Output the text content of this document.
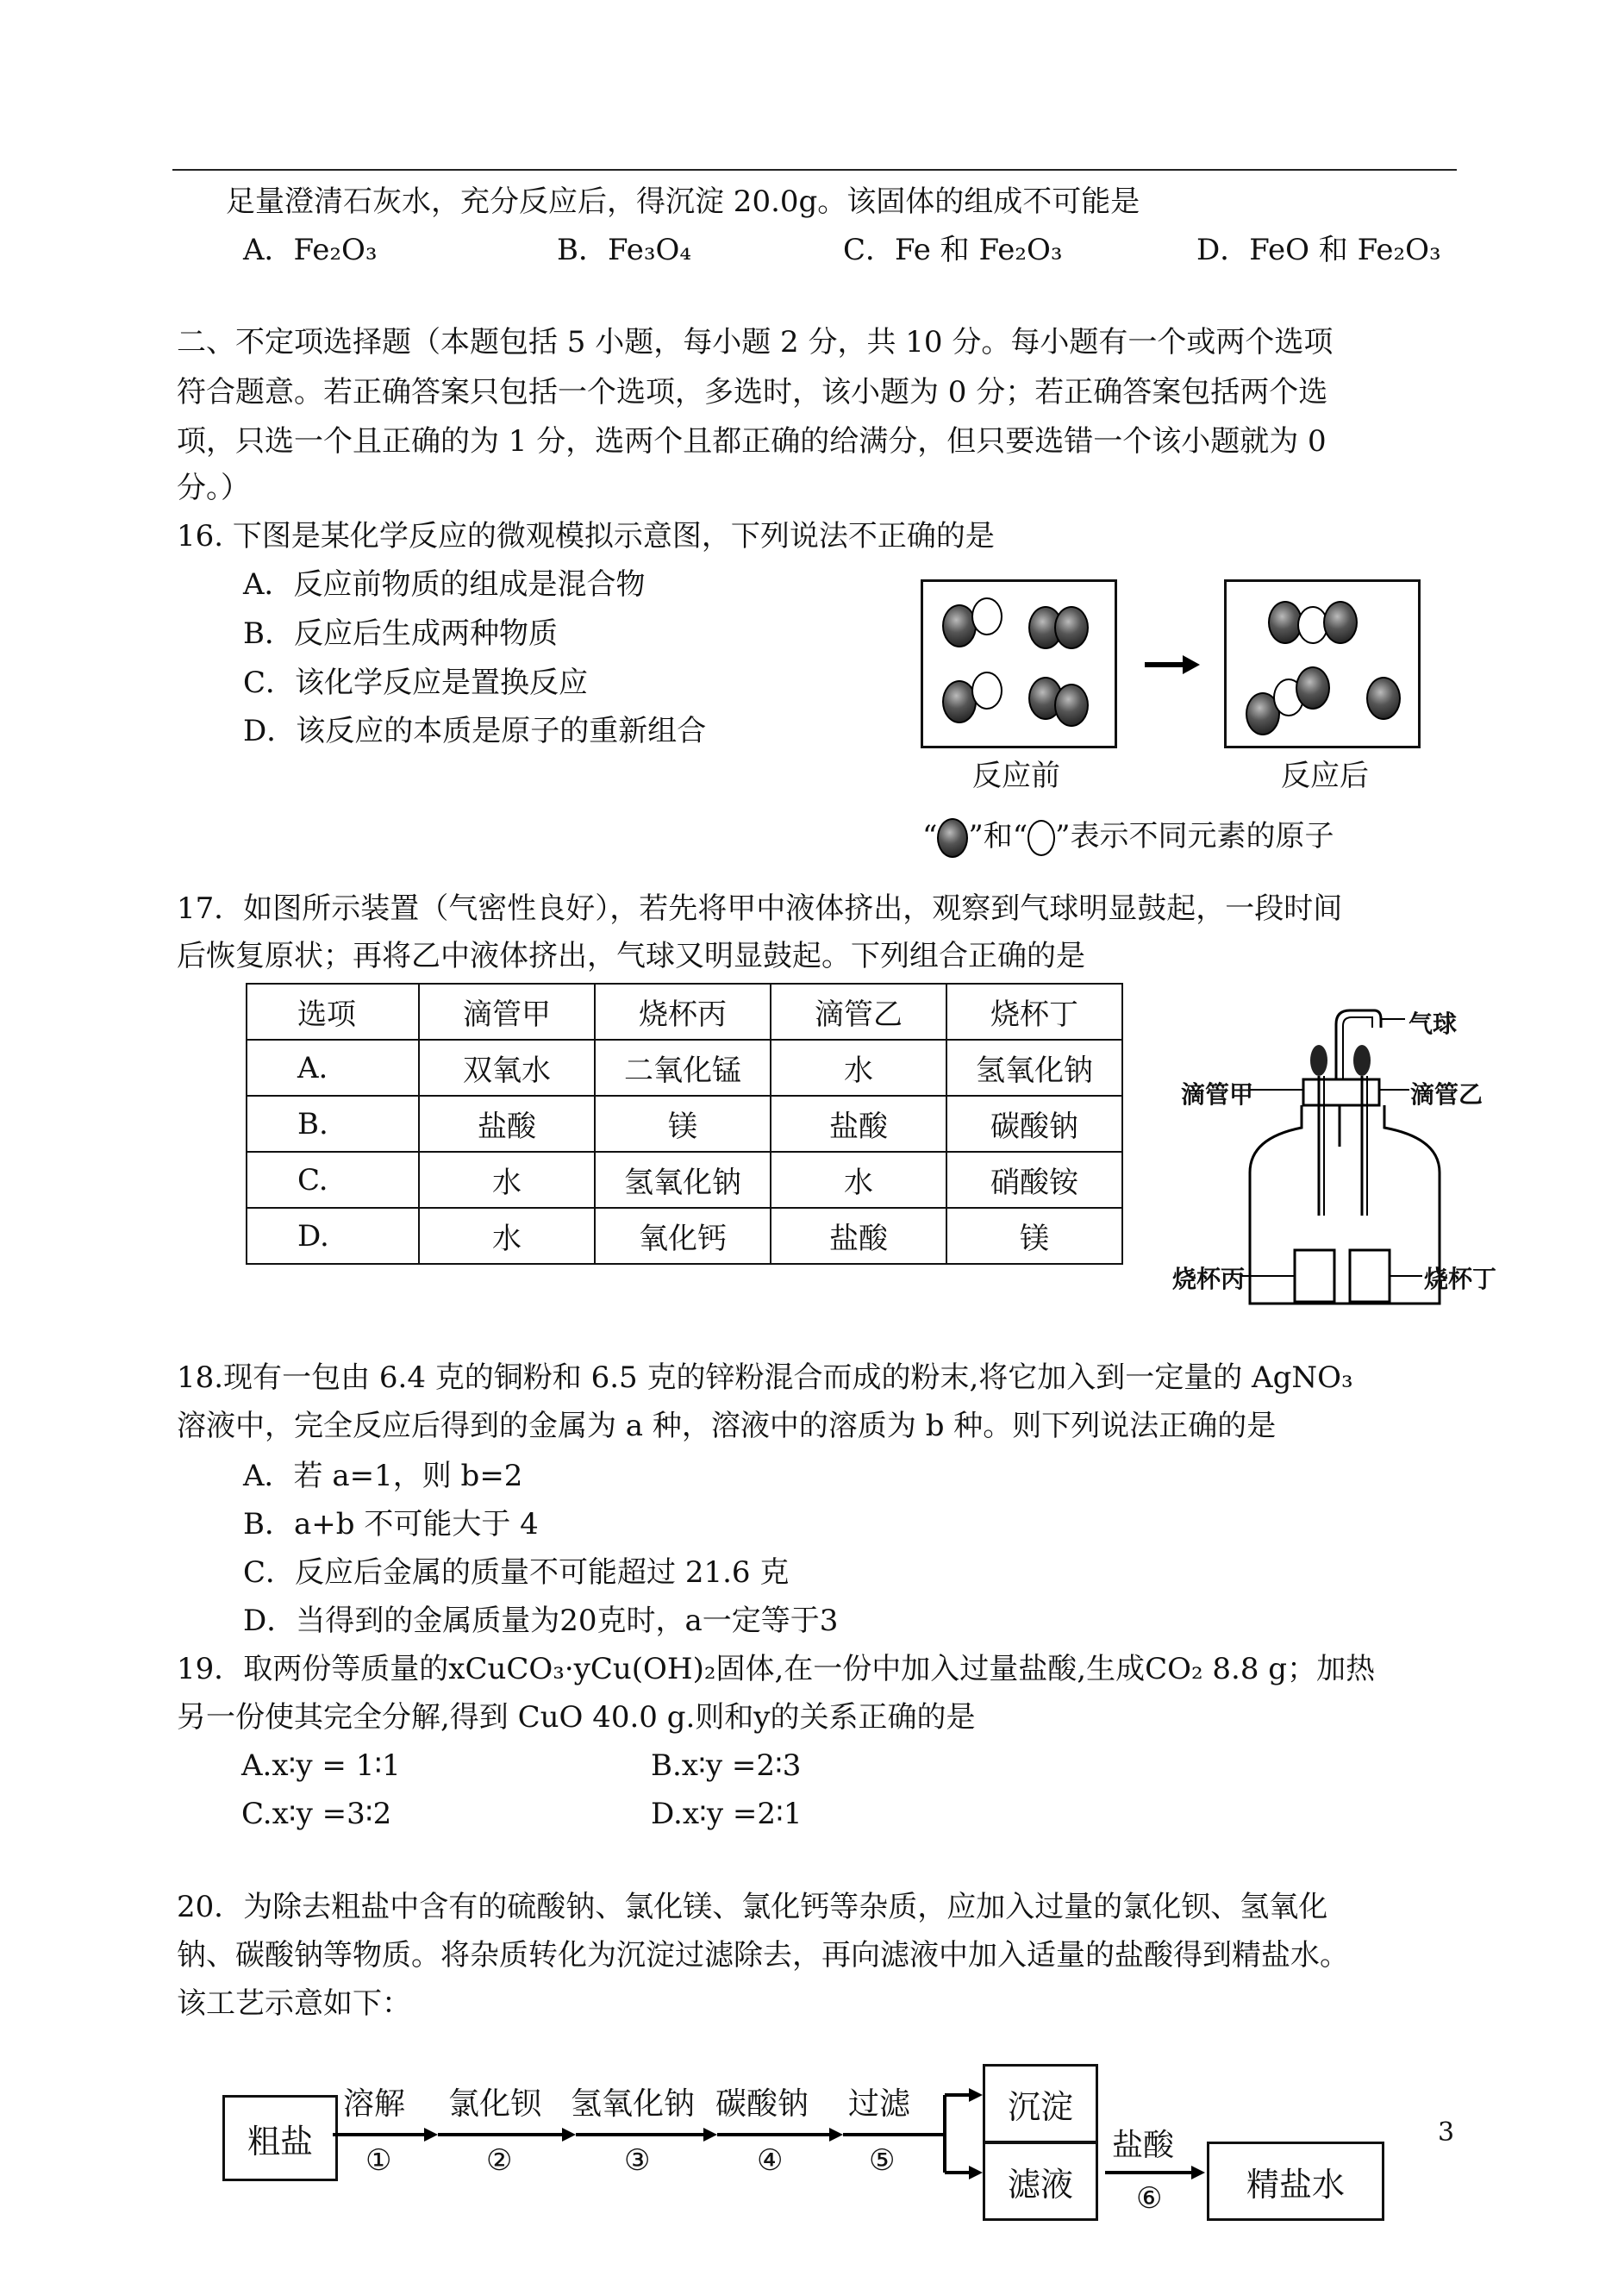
足量澄清石灰水，充分反应后，得沉淀 20.0g。该固体的组成不可能是
A．Fe₂O₃	B．Fe₃O₄	C．Fe 和 Fe₂O₃	D．FeO 和 Fe₂O₃
二、不定项选择题（本题包括 5 小题，每小题 2 分，共 10 分。每小题有一个或两个选项
符合题意。若正确答案只包括一个选项，多选时，该小题为 0 分；若正确答案包括两个选
项，只选一个且正确的为 1 分，选两个且都正确的给满分，但只要选错一个该小题就为 0
分。）
16. 下图是某化学反应的微观模拟示意图，下列说法不正确的是
A．反应前物质的组成是混合物
B．反应后生成两种物质
C．该化学反应是置换反应
D．该反应的本质是原子的重新组合
反应前	反应后
“ ”和“ ”表示不同元素的原子
17．如图所示装置（气密性良好），若先将甲中液体挤出，观察到气球明显鼓起，一段时间
后恢复原状；再将乙中液体挤出，气球又明显鼓起。下列组合正确的是
选项	滴管甲	烧杯丙	滴管乙	烧杯丁
A.	双氧水	二氧化锰	水	氢氧化钠
B.	盐酸	镁	盐酸	碳酸钠
C.	水	氢氧化钠	水	硝酸铵
D.	水	氧化钙	盐酸	镁
气球
滴管甲	滴管乙
烧杯丙	烧杯丁
18.现有一包由 6.4 克的铜粉和 6.5 克的锌粉混合而成的粉末,将它加入到一定量的 AgNO₃
溶液中，完全反应后得到的金属为 a 种，溶液中的溶质为 b 种。则下列说法正确的是
A．若 a=1，则 b=2
B．a+b 不可能大于 4
C．反应后金属的质量不可能超过 21.6 克
D．当得到的金属质量为20克时，a一定等于3
19．取两份等质量的xCuCO₃·yCu(OH)₂固体,在一份中加入过量盐酸,生成CO₂ 8.8 g；加热
另一份使其完全分解,得到 CuO 40.0 g.则和y的关系正确的是
A.x∶y = 1∶1	B.x∶y =2∶3
C.x∶y =3∶2	D.x∶y =2∶1
20．为除去粗盐中含有的硫酸钠、氯化镁、氯化钙等杂质，应加入过量的氯化钡、氢氧化
钠、碳酸钠等物质。将杂质转化为沉淀过滤除去，再向滤液中加入适量的盐酸得到精盐水。
该工艺示意如下：
粗盐
溶解 氯化钡 氢氧化钠 碳酸钠 过滤
①	②	③	④	⑤
沉淀
滤液
盐酸
⑥	精盐水
3
